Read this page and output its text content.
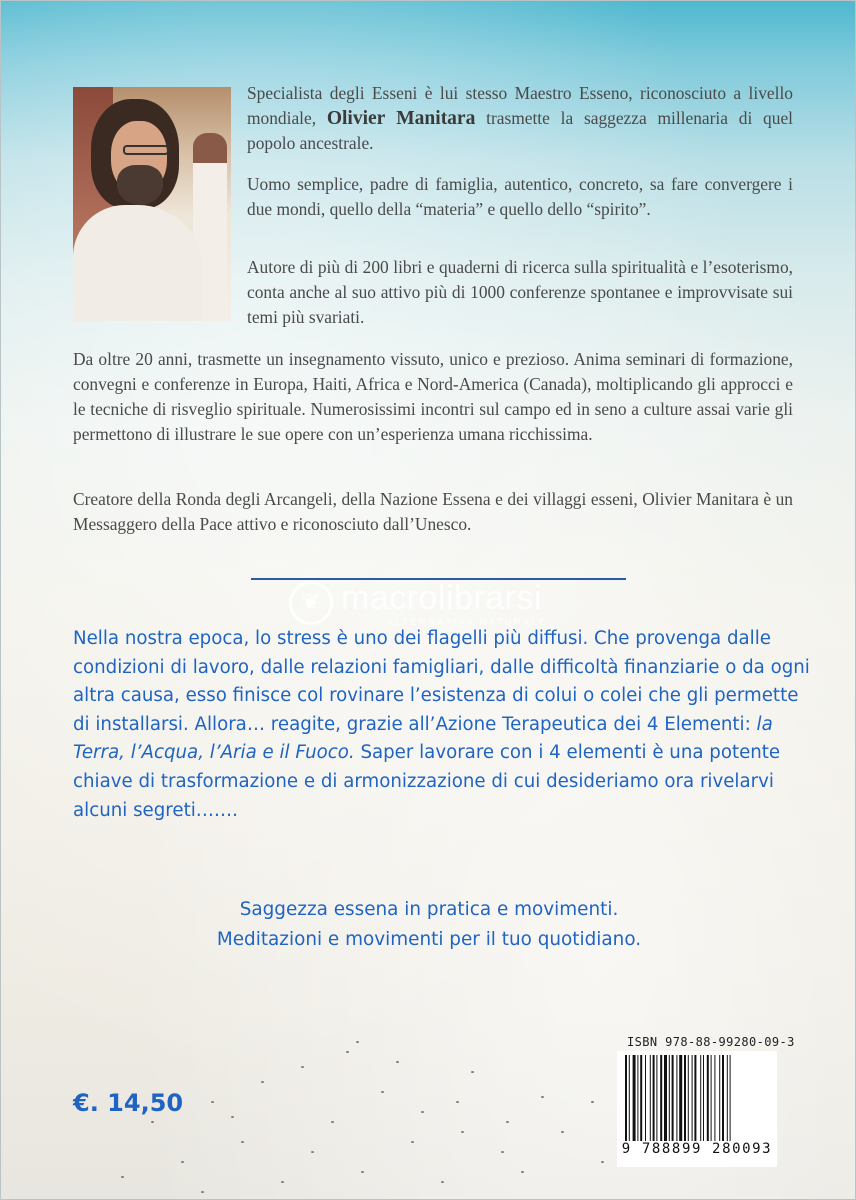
Specialista degli Esseni è lui stesso Maestro Esseno, riconosciuto a livello mondiale, Olivier Manitara trasmette la saggezza millenaria di quel popolo ancestrale.

Uomo semplice, padre di famiglia, autentico, concreto, sa fare convergere i due mondi, quello della “materia” e quello dello “spirito”.

Autore di più di 200 libri e quaderni di ricerca sulla spiritualità e l’esoterismo, conta anche al suo attivo più di 1000 conferenze spontanee e improvvisate sui temi più svariati.

Da oltre 20 anni, trasmette un insegnamento vissuto, unico e prezioso. Anima seminari di formazione, convegni e conferenze in Europa, Haiti, Africa e Nord-America (Canada), moltiplicando gli approcci e le tecniche di risveglio spirituale. Numerosissimi incontri sul campo ed in seno a culture assai varie gli permettono di illustrare le sue opere con un’esperienza umana ricchissima.

Creatore della Ronda degli Arcangeli, della Nazione Essena e dei villaggi esseni, Olivier Manitara è un Messaggero della Pace attivo e riconosciuto dall’Unesco.

❦ macrolibrarsi
ALTERNATIVA NATURALE

Nella nostra epoca, lo stress è uno dei flagelli più diffusi. Che provenga dalle condizioni di lavoro, dalle relazioni famigliari, dalle difficoltà finanziarie o da ogni altra causa, esso finisce col rovinare l’esistenza di colui o colei che gli permette di installarsi. Allora… reagite, grazie all’Azione Terapeutica dei 4 Elementi: la Terra, l’Acqua, l’Aria e il Fuoco. Saper lavorare con i 4 elementi è una potente chiave di trasformazione e di armonizzazione di cui desideriamo ora rivelarvi alcuni segreti…….

Saggezza essena in pratica e movimenti.

Meditazioni e movimenti per il tuo quotidiano.

€. 14,50

ISBN 978-88-99280-09-3

9 788899 280093
